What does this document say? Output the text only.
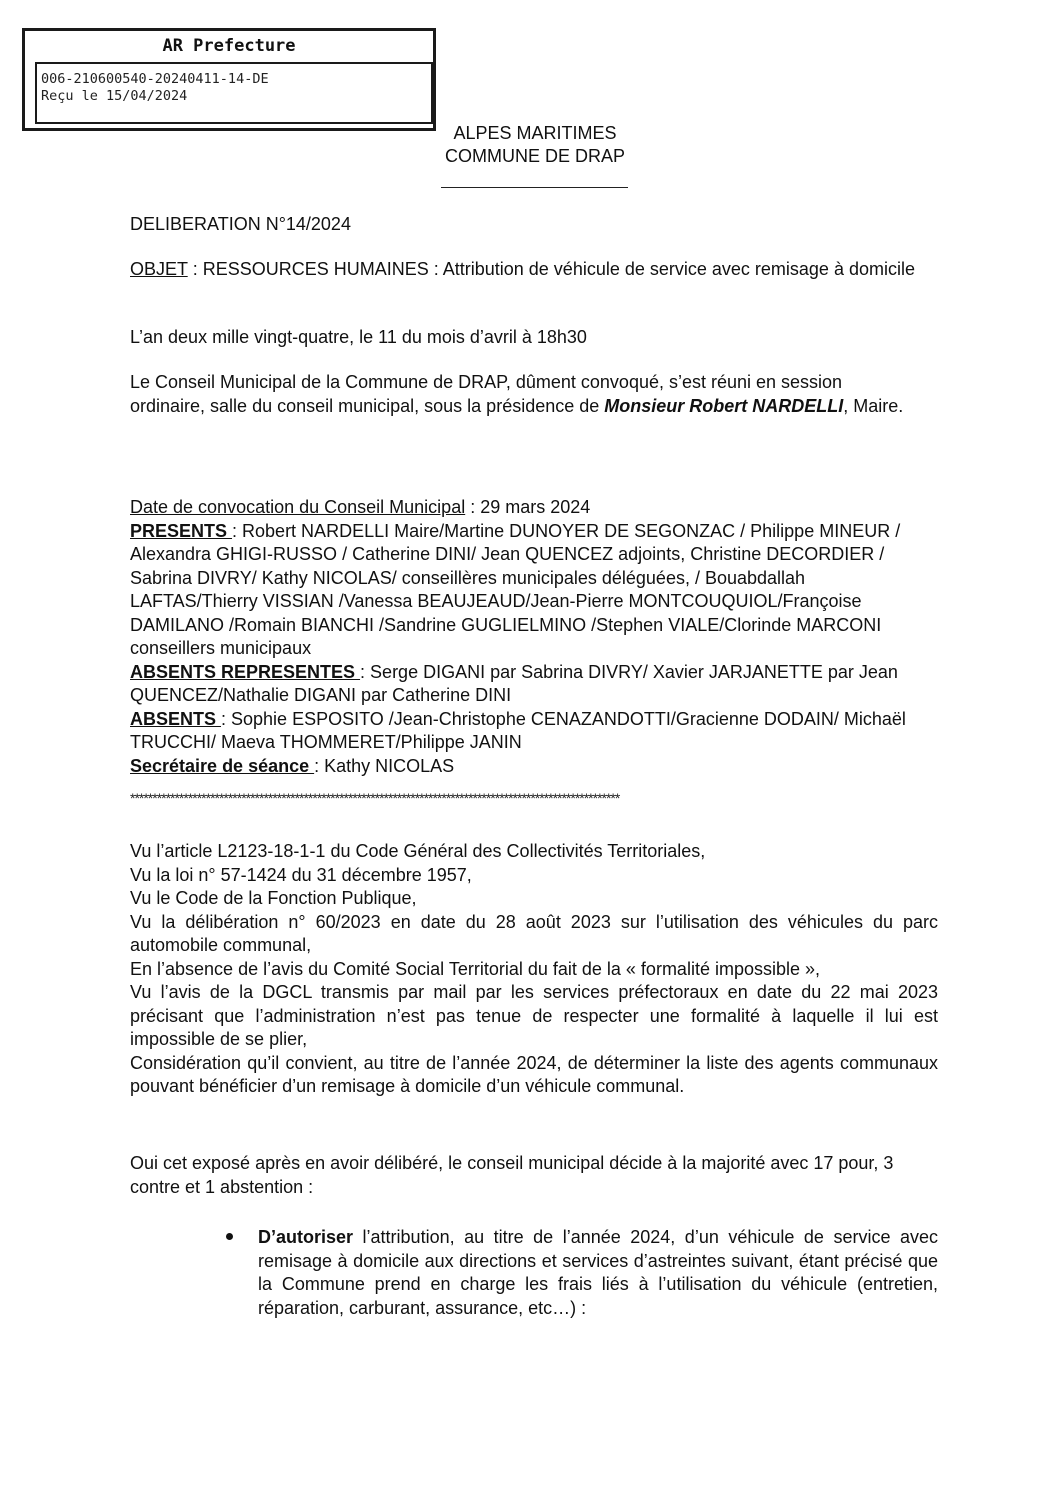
AR Prefecture
006-210600540-20240411-14-DE
Reçu le 15/04/2024
ALPES MARITIMES
COMMUNE DE DRAP
DELIBERATION N°14/2024
OBJET : RESSOURCES HUMAINES : Attribution de véhicule de service avec remisage à domicile
L’an deux mille vingt-quatre, le 11 du mois d’avril à 18h30
Le Conseil Municipal de la Commune de DRAP, dûment convoqué, s’est réuni en session ordinaire, salle du conseil municipal, sous la présidence de Monsieur Robert NARDELLI, Maire.
Date de convocation du Conseil Municipal : 29 mars 2024
PRESENTS : Robert NARDELLI Maire/Martine DUNOYER DE SEGONZAC / Philippe MINEUR / Alexandra GHIGI-RUSSO / Catherine DINI/ Jean QUENCEZ adjoints, Christine DECORDIER / Sabrina DIVRY/ Kathy NICOLAS/ conseillères municipales déléguées, / Bouabdallah LAFTAS/Thierry VISSIAN /Vanessa BEAUJEAUD/Jean-Pierre MONTCOUQUIOL/Françoise DAMILANO /Romain BIANCHI /Sandrine GUGLIELMINO /Stephen VIALE/Clorinde MARCONI conseillers municipaux
ABSENTS REPRESENTES : Serge DIGANI par Sabrina DIVRY/ Xavier JARJANETTE par Jean QUENCEZ/Nathalie DIGANI par Catherine DINI
ABSENTS : Sophie ESPOSITO /Jean-Christophe CENAZANDOTTI/Gracienne DODAIN/ Michaël TRUCCHI/ Maeva THOMMERET/Philippe JANIN
Secrétaire de séance : Kathy NICOLAS
**************************************************************************************************************
Vu l’article L2123-18-1-1 du Code Général des Collectivités Territoriales,
Vu la loi n° 57-1424 du 31 décembre 1957,
Vu le Code de la Fonction Publique,
Vu la délibération n° 60/2023 en date du 28 août 2023 sur l’utilisation des véhicules du parc automobile communal,
En l’absence de l’avis du Comité Social Territorial du fait de la « formalité impossible »,
Vu l’avis de la DGCL transmis par mail par les services préfectoraux en date du 22 mai 2023 précisant que l’administration n’est pas tenue de respecter une formalité à laquelle il lui est impossible de se plier,
Considération qu’il convient, au titre de l’année 2024, de déterminer la liste des agents communaux pouvant bénéficier d’un remisage à domicile d’un véhicule communal.
Oui cet exposé après en avoir délibéré, le conseil municipal décide à la majorité avec 17 pour, 3 contre et 1 abstention :
D’autoriser l’attribution, au titre de l’année 2024, d’un véhicule de service avec remisage à domicile aux directions et services d’astreintes suivant, étant précisé que la Commune prend en charge les frais liés à l’utilisation du véhicule (entretien, réparation, carburant, assurance, etc…) :
